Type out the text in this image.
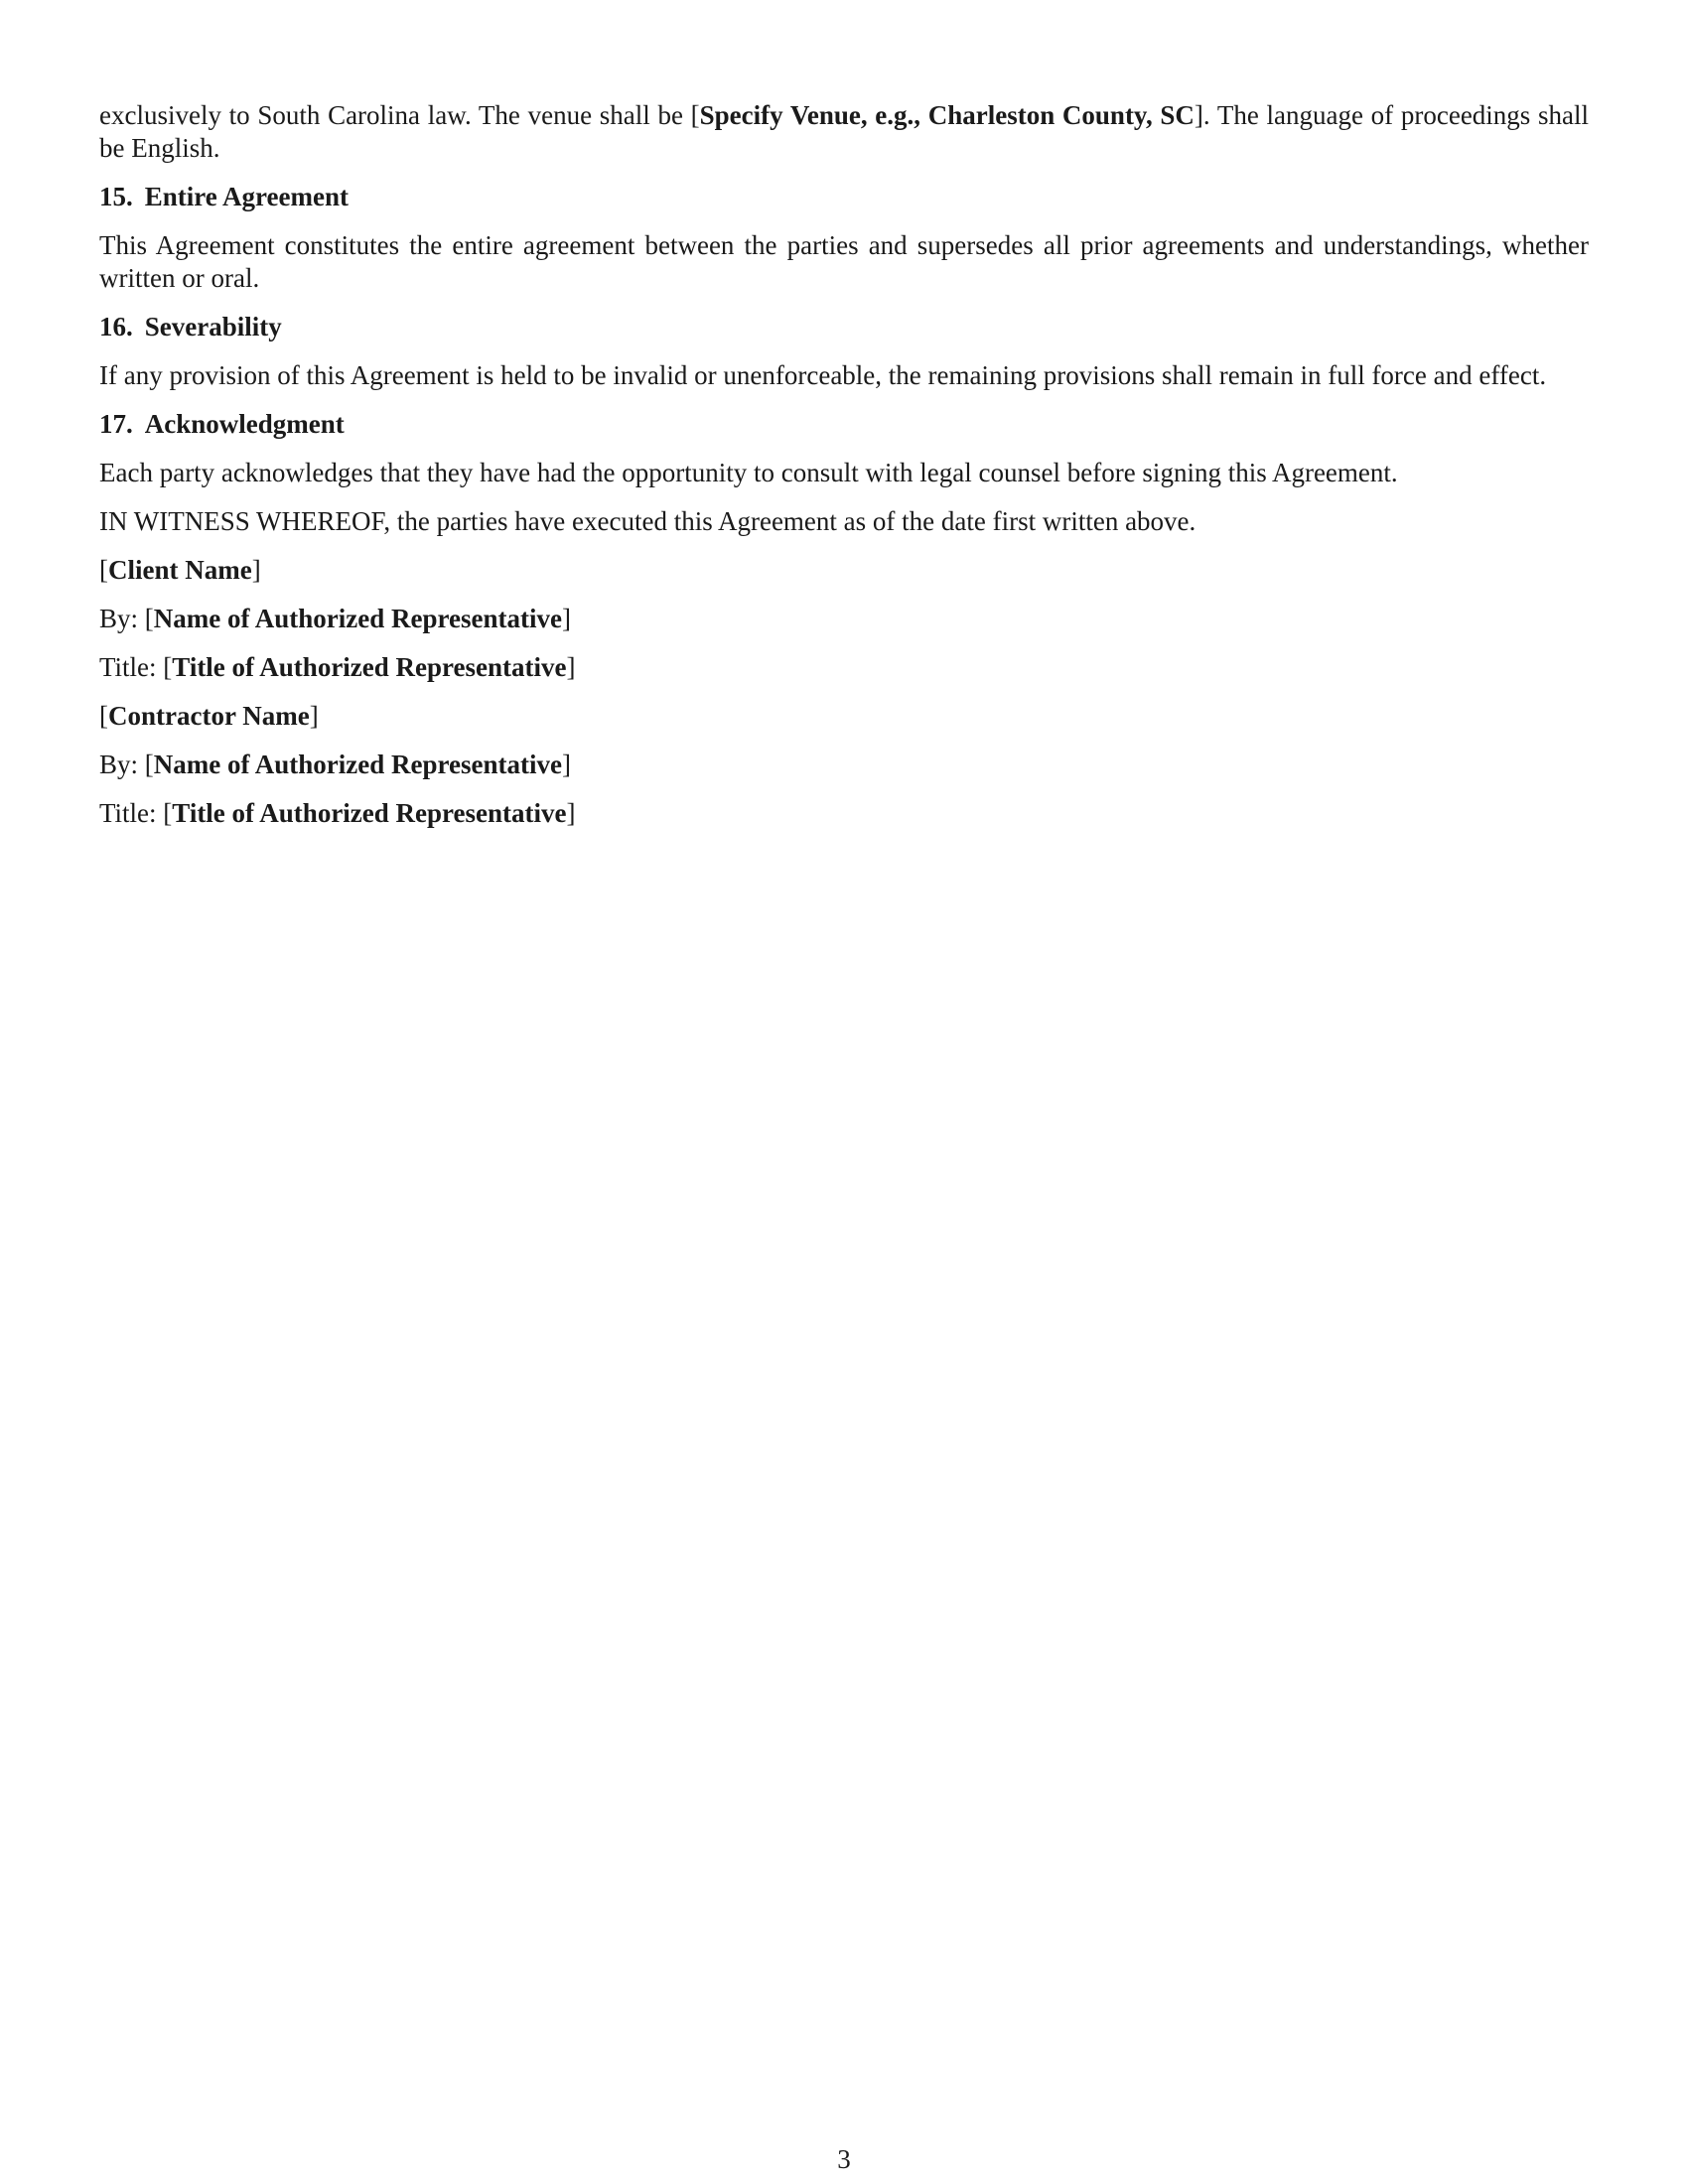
exclusively to South Carolina law. The venue shall be [Specify Venue, e.g., Charleston County, SC]. The language of proceedings shall be English.

15. Entire Agreement

This Agreement constitutes the entire agreement between the parties and supersedes all prior agreements and understandings, whether written or oral.

16. Severability

If any provision of this Agreement is held to be invalid or unenforceable, the remaining provisions shall remain in full force and effect.

17. Acknowledgment

Each party acknowledges that they have had the opportunity to consult with legal counsel before signing this Agreement.

IN WITNESS WHEREOF, the parties have executed this Agreement as of the date first written above.

[Client Name]
By: [Name of Authorized Representative]
Title: [Title of Authorized Representative]
[Contractor Name]
By: [Name of Authorized Representative]
Title: [Title of Authorized Representative]
3
